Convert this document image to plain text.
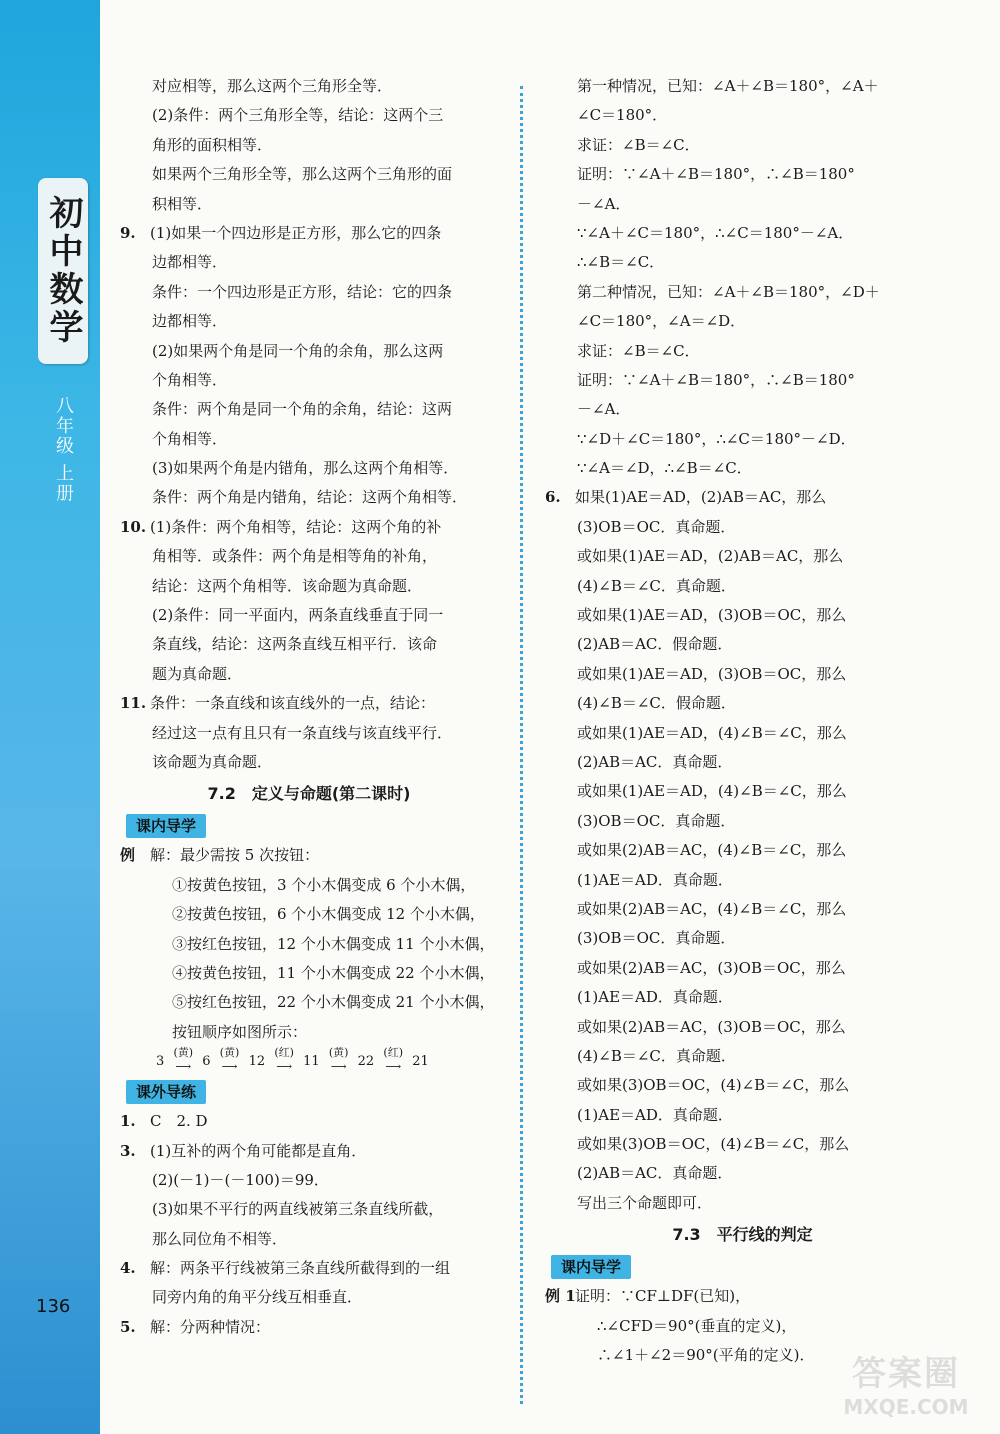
初中数学
八年级 上册
136
对应相等，那么这两个三角形全等．
(2)条件：两个三角形全等，结论：这两个三
角形的面积相等．
如果两个三角形全等，那么这两个三角形的面
积相等．
9. (1)如果一个四边形是正方形，那么它的四条
边都相等．
条件：一个四边形是正方形，结论：它的四条
边都相等．
(2)如果两个角是同一个角的余角，那么这两
个角相等．
条件：两个角是同一个角的余角，结论：这两
个角相等．
(3)如果两个角是内错角，那么这两个角相等．
条件：两个角是内错角，结论：这两个角相等．
10. (1)条件：两个角相等，结论：这两个角的补
角相等．或条件：两个角是相等角的补角，
结论：这两个角相等．该命题为真命题．
(2)条件：同一平面内，两条直线垂直于同一
条直线，结论：这两条直线互相平行．该命
题为真命题．
11. 条件：一条直线和该直线外的一点，结论：
经过这一点有且只有一条直线与该直线平行．
该命题为真命题．
7.2　定义与命题(第二课时)
课内导学
例 解：最少需按 5 次按钮：
①按黄色按钮，3 个小木偶变成 6 个小木偶，
②按黄色按钮，6 个小木偶变成 12 个小木偶，
③按红色按钮，12 个小木偶变成 11 个小木偶，
④按黄色按钮，11 个小木偶变成 22 个小木偶，
⑤按红色按钮，22 个小木偶变成 21 个小木偶，
按钮顺序如图所示：
3
(黄)
⟶ 6
(黄)
⟶ 12
(红)
⟶ 11
(黄)
⟶ 22
(红)
⟶ 21
课外导练
1. C　2. D
3. (1)互补的两个角可能都是直角．
(2)(－1)－(－100)＝99．
(3)如果不平行的两直线被第三条直线所截，
那么同位角不相等．
4. 解：两条平行线被第三条直线所截得到的一组
同旁内角的角平分线互相垂直．
5. 解：分两种情况：
第一种情况，已知：∠A＋∠B＝180°，∠A＋
∠C＝180°．
求证：∠B＝∠C．
证明：∵∠A＋∠B＝180°，∴∠B＝180°
－∠A．
∵∠A＋∠C＝180°，∴∠C＝180°－∠A．
∴∠B＝∠C．
第二种情况，已知：∠A＋∠B＝180°，∠D＋
∠C＝180°，∠A＝∠D．
求证：∠B＝∠C．
证明：∵∠A＋∠B＝180°，∴∠B＝180°
－∠A．
∵∠D＋∠C＝180°，∴∠C＝180°－∠D．
∵∠A＝∠D，∴∠B＝∠C．
6. 如果(1)AE＝AD，(2)AB＝AC，那么
(3)OB＝OC．真命题．
或如果(1)AE＝AD，(2)AB＝AC，那么
(4)∠B＝∠C．真命题．
或如果(1)AE＝AD，(3)OB＝OC，那么
(2)AB＝AC．假命题．
或如果(1)AE＝AD，(3)OB＝OC，那么
(4)∠B＝∠C．假命题．
或如果(1)AE＝AD，(4)∠B＝∠C，那么
(2)AB＝AC．真命题．
或如果(1)AE＝AD，(4)∠B＝∠C，那么
(3)OB＝OC．真命题．
或如果(2)AB＝AC，(4)∠B＝∠C，那么
(1)AE＝AD．真命题．
或如果(2)AB＝AC，(4)∠B＝∠C，那么
(3)OB＝OC．真命题．
或如果(2)AB＝AC，(3)OB＝OC，那么
(1)AE＝AD．真命题．
或如果(2)AB＝AC，(3)OB＝OC，那么
(4)∠B＝∠C．真命题．
或如果(3)OB＝OC，(4)∠B＝∠C，那么
(1)AE＝AD．真命题．
或如果(3)OB＝OC，(4)∠B＝∠C，那么
(2)AB＝AC．真命题．
写出三个命题即可．
7.3　平行线的判定
课内导学
例 1证明：∵CF⊥DF(已知)，
∴∠CFD＝90°(垂直的定义)，
∴∠1＋∠2＝90°(平角的定义)．	答案圈
MXQE.COM
